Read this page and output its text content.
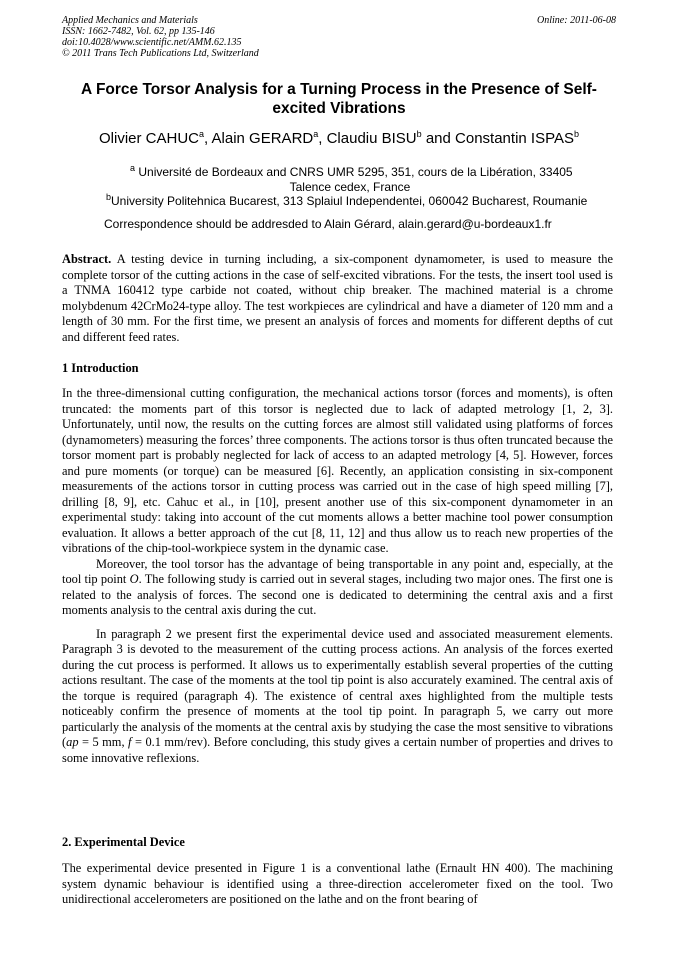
Applied Mechanics and Materials
ISSN: 1662-7482, Vol. 62, pp 135-146
doi:10.4028/www.scientific.net/AMM.62.135
© 2011 Trans Tech Publications Ltd, Switzerland
Online: 2011-06-08
A Force Torsor Analysis for a Turning Process in the Presence of Self-
excited Vibrations
Olivier CAHUC$^a$, Alain GERARD$^a$, Claudiu BISU$^b$ and Constantin ISPAS$^b$
$^a$ Université de Bordeaux and CNRS UMR 5295, 351, cours de la Libération, 33405
Talence cedex, France
$^b$University Politehnica Bucarest, 313 Splaiul Independentei, 060042 Bucharest, Roumanie
Correspondence should be addresded to Alain Gérard, alain.gerard@u-bordeaux1.fr

Abstract. A testing device in turning including, a six-component dynamometer, is used to measure the complete torsor of the cutting actions in the case of self-excited vibrations. For the tests, the insert tool used is a TNMA 160412 type carbide not coated, without chip breaker. The machined material is a chrome molybdenum 42CrMo24-type alloy. The test workpieces are cylindrical and have a diameter of 120 mm and a length of 30 mm. For the first time, we present an analysis of forces and moments for different depths of cut and different feed rates.

1 Introduction

In the three-dimensional cutting configuration, the mechanical actions torsor (forces and moments), is often truncated: the moments part of this torsor is neglected due to lack of adapted metrology [1, 2, 3]. Unfortunately, until now, the results on the cutting forces are almost still validated using platforms of forces (dynamometers) measuring the forces’ three components. The actions torsor is thus often truncated because the torsor moment part is probably neglected for lack of access to an adapted metrology [4, 5]. However, forces and pure moments (or torque) can be measured [6]. Recently, an application consisting in six-component measurements of the actions torsor in cutting process was carried out in the case of high speed milling [7], drilling [8, 9], etc. Cahuc et al., in [10], present another use of this six-component dynamometer in an experimental study: taking into account of the cut moments allows a better machine tool power consumption evaluation. It allows a better approach of the cut [8, 11, 12] and thus allow us to reach new properties of the vibrations of the chip-tool-workpiece system in the dynamic case.

Moreover, the tool torsor has the advantage of being transportable in any point and, especially, at the tool tip point O. The following study is carried out in several stages, including two major ones. The first one is related to the analysis of forces. The second one is dedicated to determining the central axis and a first moments analysis to the central axis during the cut.

In paragraph 2 we present first the experimental device used and associated measurement elements. Paragraph 3 is devoted to the measurement of the cutting process actions. An analysis of the forces exerted during the cut process is performed. It allows us to experimentally establish several properties of the cutting actions resultant. The case of the moments at the tool tip point is also accurately examined. The central axis of the torque is required (paragraph 4). The existence of central axes highlighted from the multiple tests noticeably confirm the presence of moments at the tool tip point. In paragraph 5, we carry out more particularly the analysis of the moments at the central axis by studying the case the most sensitive to vibrations (ap = 5 mm, f = 0.1 mm/rev). Before concluding, this study gives a certain number of properties and drives to some innovative reflexions.

2. Experimental Device

The experimental device presented in Figure 1 is a conventional lathe (Ernault HN 400). The machining system dynamic behaviour is identified using a three-direction accelerometer fixed on the tool. Two unidirectional accelerometers are positioned on the lathe and on the front bearing of
